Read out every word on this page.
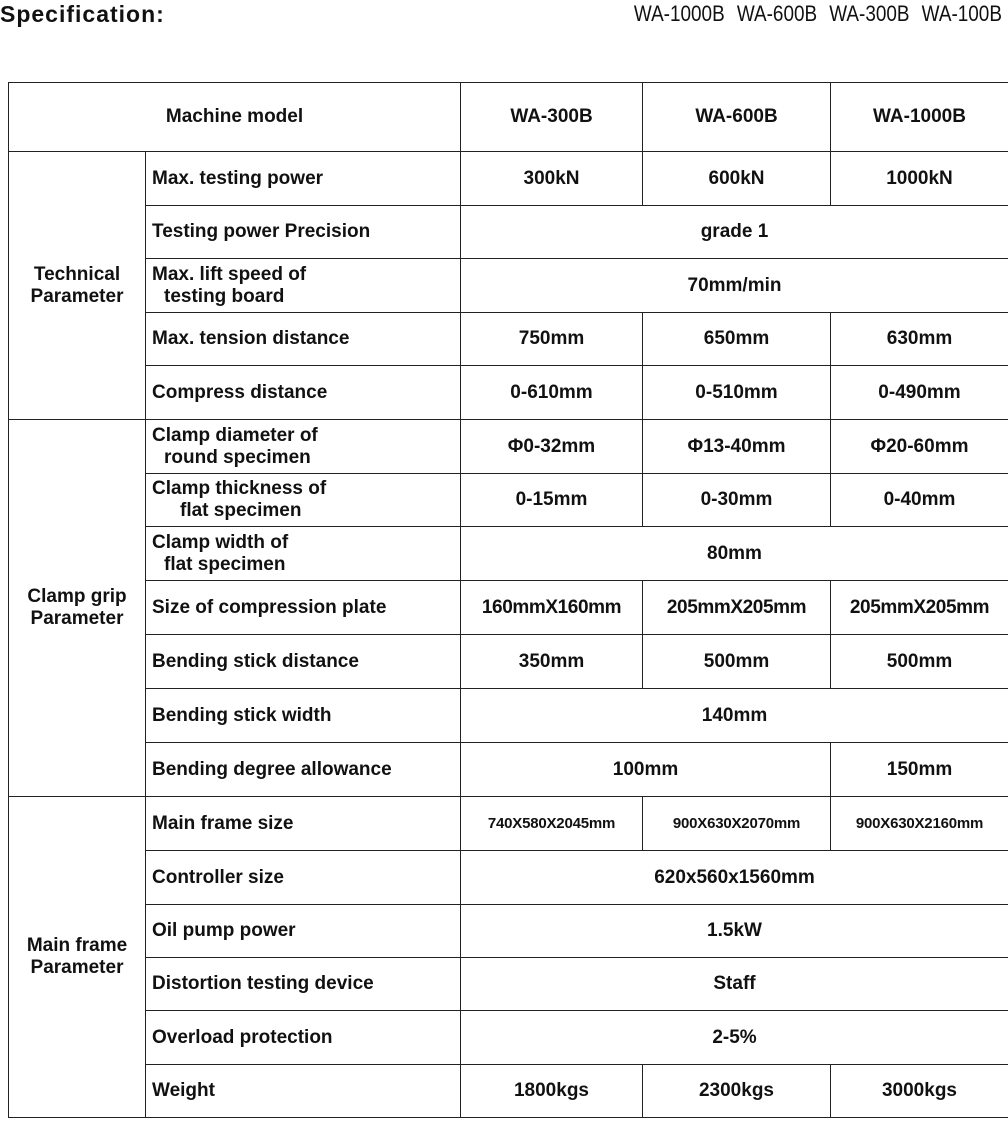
Specification:	WA-1000B WA-600B WA-300B WA-100B
Machine model		WA-300B	WA-600B	WA-1000B
Technical
Parameter	Max. testing power	300kN	600kN	1000kN
	Testing power Precision	grade 1		
	Max. lift speed of
testing board	70mm/min		
	Max. tension distance	750mm	650mm	630mm
	Compress distance	0-610mm	0-510mm	0-490mm
Clamp grip
Parameter	Clamp diameter of
round specimen	Φ0-32mm	Φ13-40mm	Φ20-60mm
	Clamp thickness of
flat specimen	0-15mm	0-30mm	0-40mm
	Clamp width of
flat specimen	80mm		
	Size of compression plate	160mmX160mm	205mmX205mm	205mmX205mm
	Bending stick distance	350mm	500mm	500mm
	Bending stick width	140mm		
	Bending degree allowance	100mm		150mm
Main frame
Parameter	Main frame size	740X580X2045mm	900X630X2070mm	900X630X2160mm
	Controller size	620x560x1560mm		
	Oil pump power	1.5kW		
	Distortion testing device	Staff		
	Overload protection	2-5%		
	Weight	1800kgs	2300kgs	3000kgs
